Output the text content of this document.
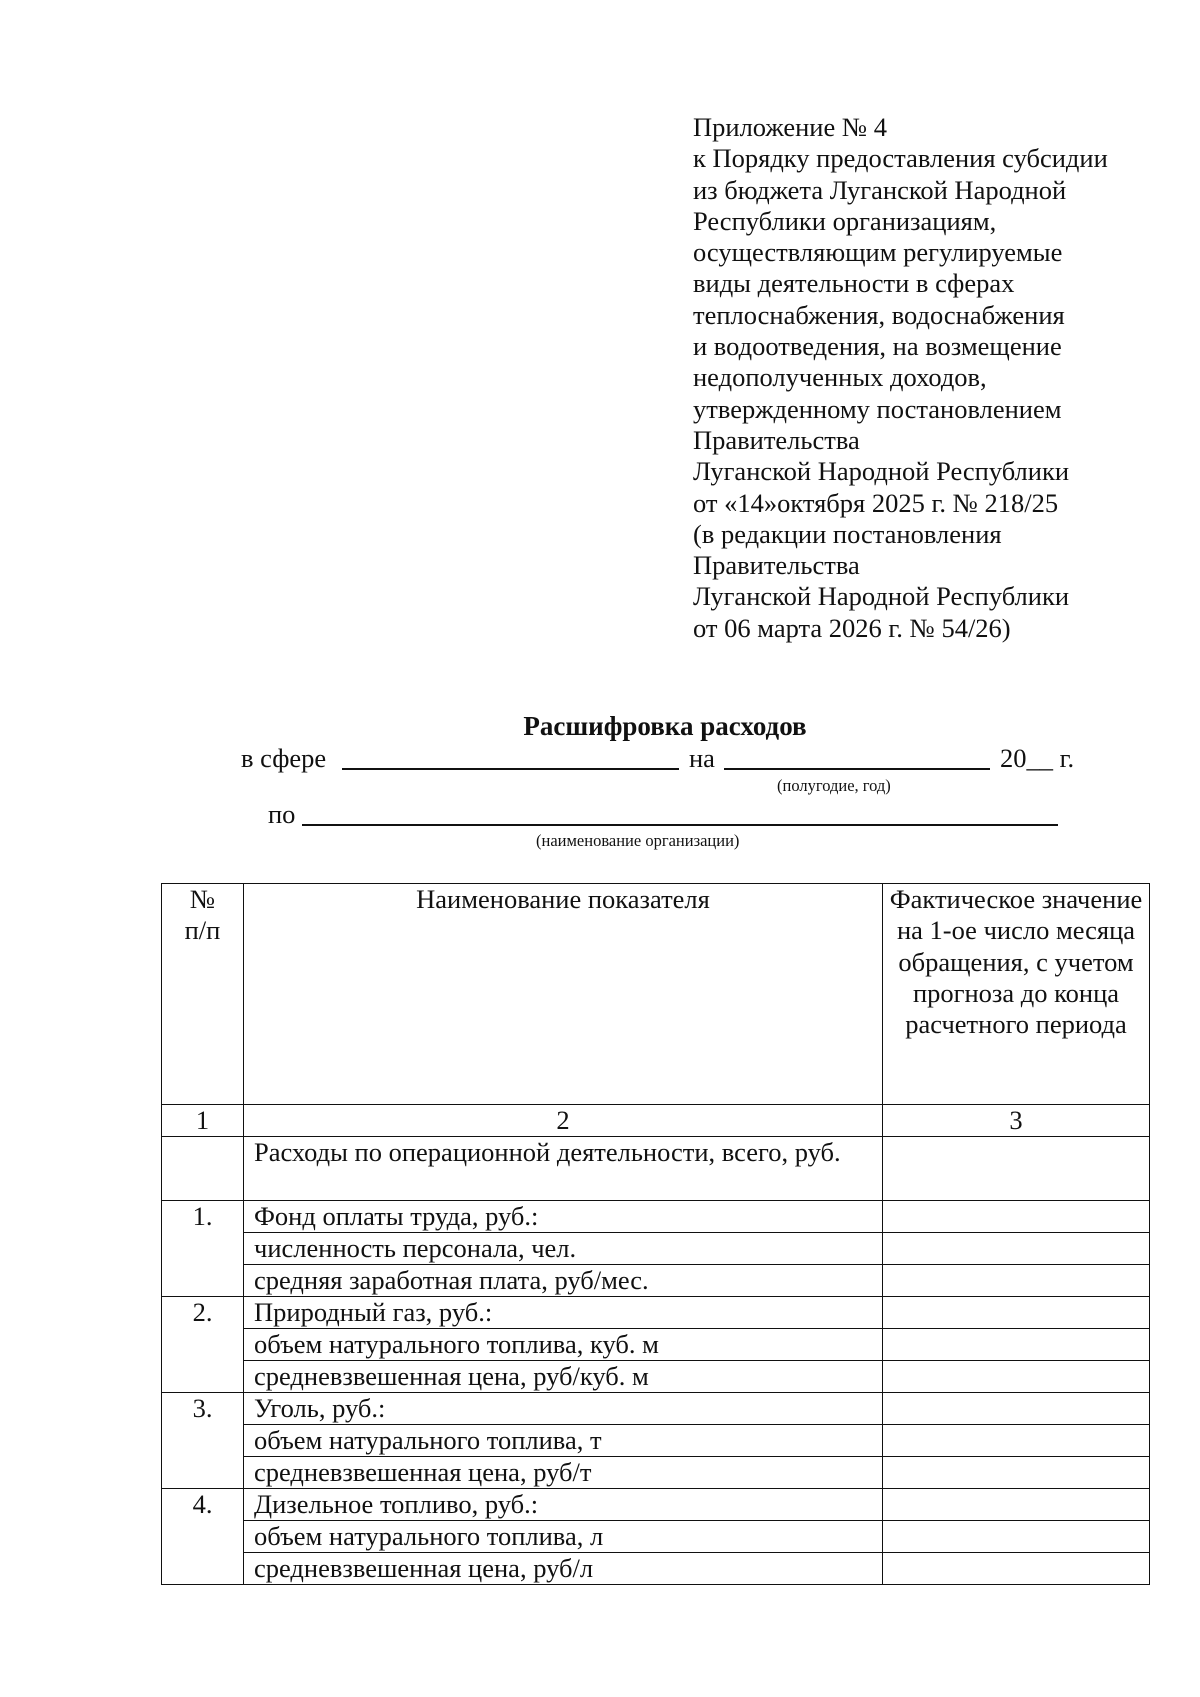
Приложение № 4
к Порядку предоставления субсидии
из бюджета Луганской Народной
Республики организациям,
осуществляющим регулируемые
виды деятельности в сферах
теплоснабжения, водоснабжения
и водоотведения, на возмещение
недополученных доходов,
утвержденному постановлением
Правительства
Луганской Народной Республики
от «14»октября 2025 г. № 218/25
(в редакции постановления
Правительства
Луганской Народной Республики
от 06 марта 2026 г. № 54/26)
Расшифровка расходов
в сфере	на	20__ г.
(полугодие, год)
по
(наименование организации)
№ п/п	Наименование показателя	Фактическое значение на 1-ое число месяца обращения, с учетом прогноза до конца расчетного периода
1	2	3
	Расходы по операционной деятельности, всего, руб.	
1.	Фонд оплаты труда, руб.:	
	численность персонала, чел.	
	средняя заработная плата, руб/мес.	
2.	Природный газ, руб.:	
	объем натурального топлива, куб. м	
	средневзвешенная цена, руб/куб. м	
3.	Уголь, руб.:	
	объем натурального топлива, т	
	средневзвешенная цена, руб/т	
4.	Дизельное топливо, руб.:	
	объем натурального топлива, л	
	средневзвешенная цена, руб/л	
